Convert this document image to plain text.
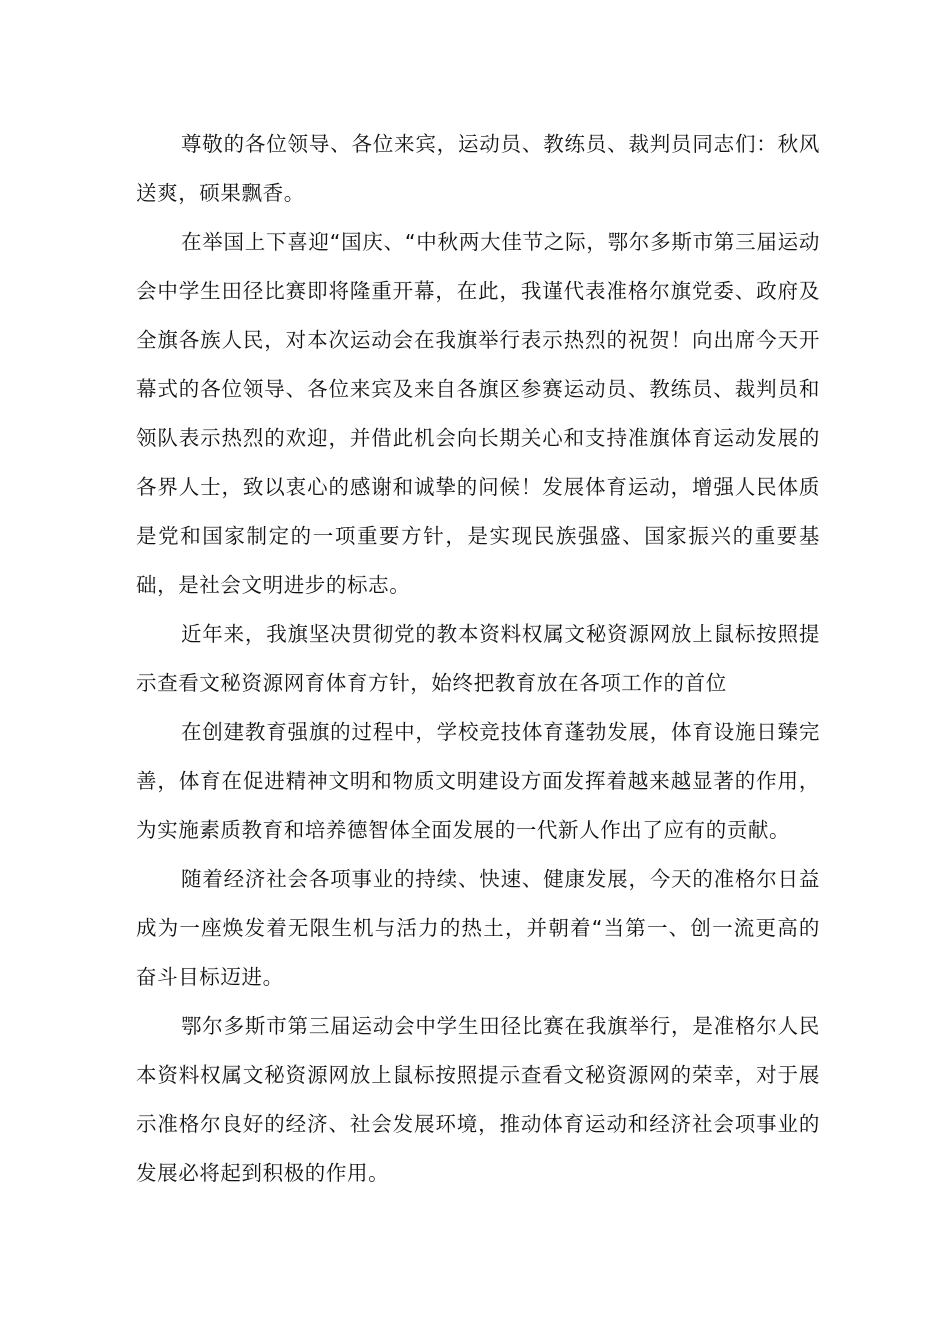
尊敬的各位领导、各位来宾，运动员、教练员、裁判员同志们：秋风送爽，硕果飘香。

在举国上下喜迎“国庆、“中秋两大佳节之际，鄂尔多斯市第三届运动会中学生田径比赛即将隆重开幕，在此，我谨代表准格尔旗党委、政府及全旗各族人民，对本次运动会在我旗举行表示热烈的祝贺！向出席今天开幕式的各位领导、各位来宾及来自各旗区参赛运动员、教练员、裁判员和领队表示热烈的欢迎，并借此机会向长期关心和支持准旗体育运动发展的各界人士，致以衷心的感谢和诚挚的问候！发展体育运动，增强人民体质是党和国家制定的一项重要方针，是实现民族强盛、国家振兴的重要基础，是社会文明进步的标志。

近年来，我旗坚决贯彻党的教本资料权属文秘资源网放上鼠标按照提示查看文秘资源网育体育方针，始终把教育放在各项工作的首位

在创建教育强旗的过程中，学校竞技体育蓬勃发展，体育设施日臻完善，体育在促进精神文明和物质文明建设方面发挥着越来越显著的作用，为实施素质教育和培养德智体全面发展的一代新人作出了应有的贡献。

随着经济社会各项事业的持续、快速、健康发展，今天的准格尔日益成为一座焕发着无限生机与活力的热土，并朝着“当第一、创一流更高的奋斗目标迈进。

鄂尔多斯市第三届运动会中学生田径比赛在我旗举行，是准格尔人民本资料权属文秘资源网放上鼠标按照提示查看文秘资源网的荣幸，对于展示准格尔良好的经济、社会发展环境，推动体育运动和经济社会项事业的发展必将起到积极的作用。
